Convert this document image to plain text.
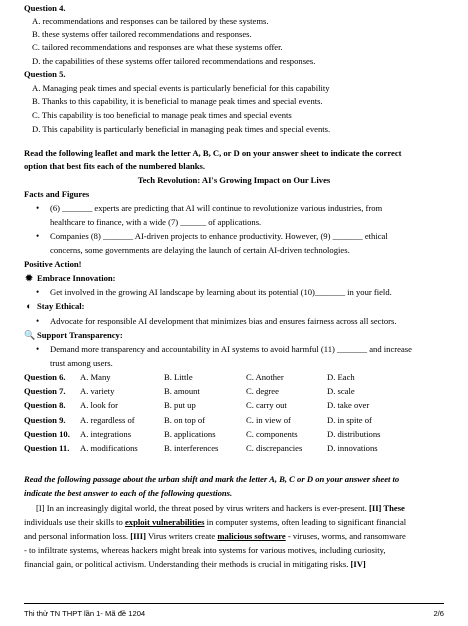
Question 4.
A. recommendations and responses can be tailored by these systems.
B. these systems offer tailored recommendations and responses.
C. tailored recommendations and responses are what these systems offer.
D. the capabilities of these systems offer tailored recommendations and responses.
Question 5.
A. Managing peak times and special events is particularly beneficial for this capability
B. Thanks to this capability, it is beneficial to manage peak times and special events.
C. This capability is too beneficial to manage peak times and special events
D. This capability is particularly beneficial in managing peak times and special events.
Read the following leaflet and mark the letter A, B, C, or D on your answer sheet to indicate the correct
option that best fits each of the numbered blanks.
Tech Revolution: AI's Growing Impact on Our Lives
Facts and Figures
• (6) _______ experts are predicting that AI will continue to revolutionize various industries, from
healthcare to finance, with a wide (7) ______ of applications.
• Companies (8) _______ AI-driven projects to enhance productivity. However, (9) _______ ethical
concerns, some governments are delaying the launch of certain AI-driven technologies.
Positive Action!
✹ Embrace Innovation:
• Get involved in the growing AI landscape by learning about its potential (10)_______ in your field.
◐ Stay Ethical:
• Advocate for responsible AI development that minimizes bias and ensures fairness across all sectors.
🔍 Support Transparency:
• Demand more transparency and accountability in AI systems to avoid harmful (11) _______ and increase
trust among users.
Question 6. A. Many	B. Little	C. Another	D. Each
Question 7. A. variety	B. amount	C. degree	D. scale
Question 8. A. look for	B. put up	C. carry out	D. take over
Question 9. A. regardless of	B. on top of	C. in view of	D. in spite of
Question 10. A. integrations	B. applications	C. components	D. distributions
Question 11. A. modifications	B. interferences	C. discrepancies	D. innovations
Read the following passage about the urban shift and mark the letter A, B, C or D on your answer sheet to
indicate the best answer to each of the following questions.
[I] In an increasingly digital world, the threat posed by virus writers and hackers is ever-present. [II] These
individuals use their skills to exploit vulnerabilities in computer systems, often leading to significant financial
and personal information loss. [III] Virus writers create malicious software - viruses, worms, and ransomware
- to infiltrate systems, whereas hackers might break into systems for various motives, including curiosity,
financial gain, or political activism. Understanding their methods is crucial in mitigating risks. [IV]
Thi thử TN THPT lần 1- Mã đề 1204	2/6
